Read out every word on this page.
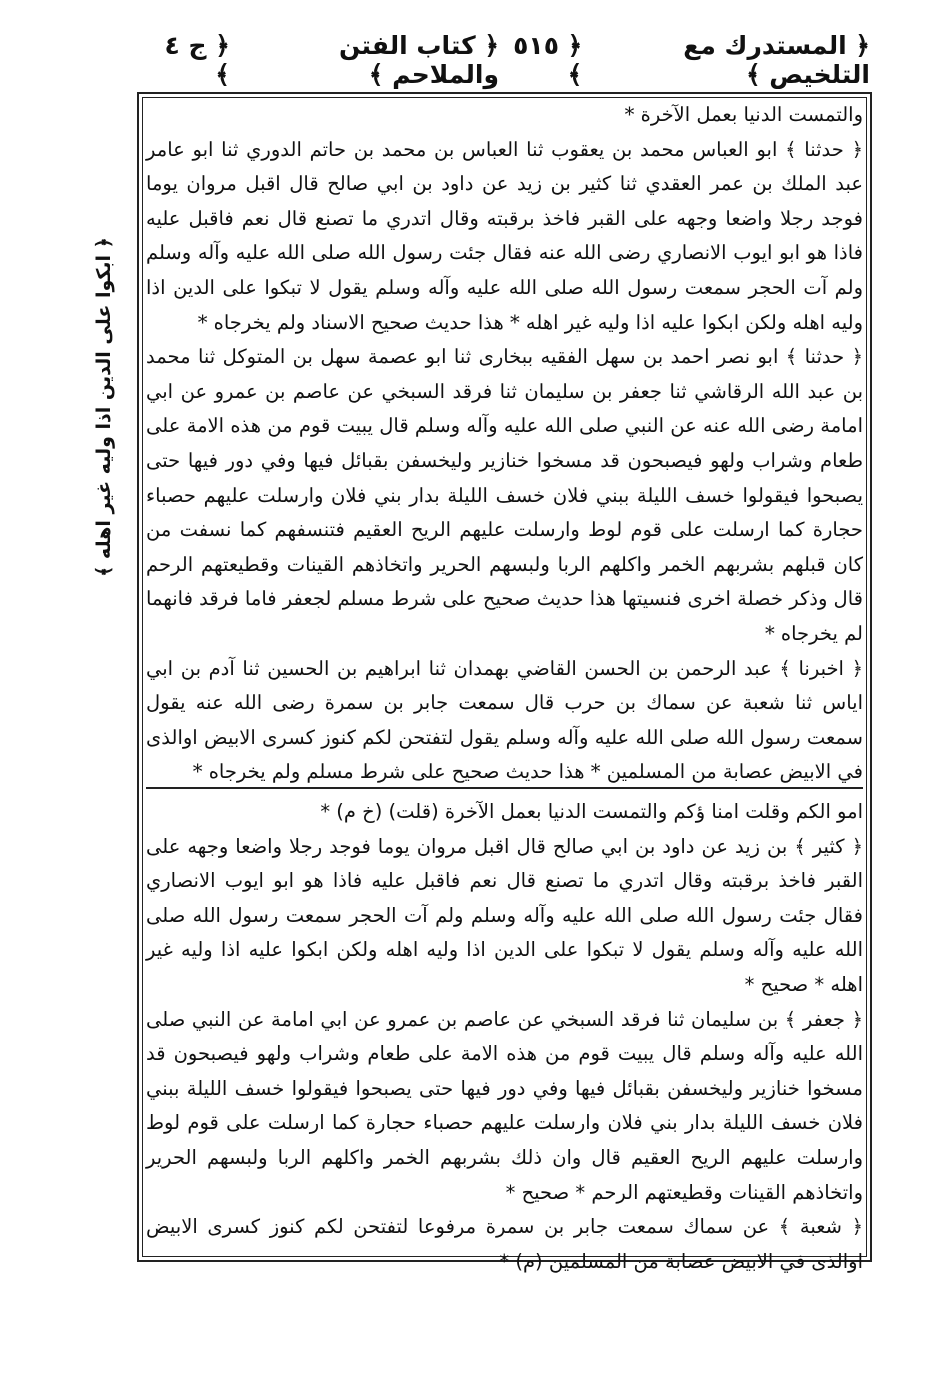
﴿ المستدرك مع التلخيص ﴾
﴿ ٥١٥ ﴾
﴿ كتاب الفتن والملاحم ﴾
﴿ ج ٤ ﴾

والتمست الدنيا بعمل الآخرة *

﴿ حدثنا ﴾ ابو العباس محمد بن يعقوب ثنا العباس بن محمد بن حاتم الدوري ثنا ابو عامر عبد الملك بن عمر العقدي ثنا كثير بن زيد عن داود بن ابي صالح قال اقبل مروان يوما فوجد رجلا واضعا وجهه على القبر فاخذ برقبته وقال اتدري ما تصنع قال نعم فاقبل عليه فاذا هو ابو ايوب الانصاري رضى الله عنه فقال جئت رسول الله صلى الله عليه وآله وسلم ولم آت الحجر سمعت رسول الله صلى الله عليه وآله وسلم يقول لا تبكوا على الدين اذا وليه اهله ولكن ابكوا عليه اذا وليه غير اهله * هذا حديث صحيح الاسناد ولم يخرجاه *

﴿ حدثنا ﴾ ابو نصر احمد بن سهل الفقيه ببخارى ثنا ابو عصمة سهل بن المتوكل ثنا محمد بن عبد الله الرقاشي ثنا جعفر بن سليمان ثنا فرقد السبخي عن عاصم بن عمرو عن ابي امامة رضى الله عنه عن النبي صلى الله عليه وآله وسلم قال يبيت قوم من هذه الامة على طعام وشراب ولهو فيصبحون قد مسخوا خنازير وليخسفن بقبائل فيها وفي دور فيها حتى يصبحوا فيقولوا خسف الليلة ببني فلان خسف الليلة بدار بني فلان وارسلت عليهم حصباء حجارة كما ارسلت على قوم لوط وارسلت عليهم الريح العقيم فتنسفهم كما نسفت من كان قبلهم بشربهم الخمر واكلهم الربا ولبسهم الحرير واتخاذهم القينات وقطيعتهم الرحم قال وذكر خصلة اخرى فنسيتها هذا حديث صحيح على شرط مسلم لجعفر فاما فرقد فانهما لم يخرجاه *

﴿ اخبرنا ﴾ عبد الرحمن بن الحسن القاضي بهمدان ثنا ابراهيم بن الحسين ثنا آدم بن ابي اياس ثنا شعبة عن سماك بن حرب قال سمعت جابر بن سمرة رضى الله عنه يقول سمعت رسول الله صلى الله عليه وآله وسلم يقول لتفتحن لكم كنوز كسرى الابيض اوالذى في الابيض عصابة من المسلمين * هذا حديث صحيح على شرط مسلم ولم يخرجاه *

امو الكم وقلت امنا ؤكم والتمست الدنيا بعمل الآخرة (قلت) (خ م) *

﴿ كثير ﴾ بن زيد عن داود بن ابي صالح قال اقبل مروان يوما فوجد رجلا واضعا وجهه على القبر فاخذ برقبته وقال اتدري ما تصنع قال نعم فاقبل عليه فاذا هو ابو ايوب الانصاري فقال جئت رسول الله صلى الله عليه وآله وسلم ولم آت الحجر سمعت رسول الله صلى الله عليه وآله وسلم يقول لا تبكوا على الدين اذا وليه اهله ولكن ابكوا عليه اذا وليه غير اهله * صحيح *

﴿ جعفر ﴾ بن سليمان ثنا فرقد السبخي عن عاصم بن عمرو عن ابي امامة عن النبي صلى الله عليه وآله وسلم قال يبيت قوم من هذه الامة على طعام وشراب ولهو فيصبحون قد مسخوا خنازير وليخسفن بقبائل فيها وفي دور فيها حتى يصبحوا فيقولوا خسف الليلة ببني فلان خسف الليلة بدار بني فلان وارسلت عليهم حصباء حجارة كما ارسلت على قوم لوط وارسلت عليهم الريح العقيم قال وان ذلك بشربهم الخمر واكلهم الربا ولبسهم الحرير واتخاذهم القينات وقطيعتهم الرحم * صحيح *

﴿ شعبة ﴾ عن سماك سمعت جابر بن سمرة مرفوعا لتفتحن لكم كنوز كسرى الابيض اوالذى في الابيض عصابة من المسلمين (م) *

﴿ ابكوا على الدين اذا وليه غير اهله ﴾
